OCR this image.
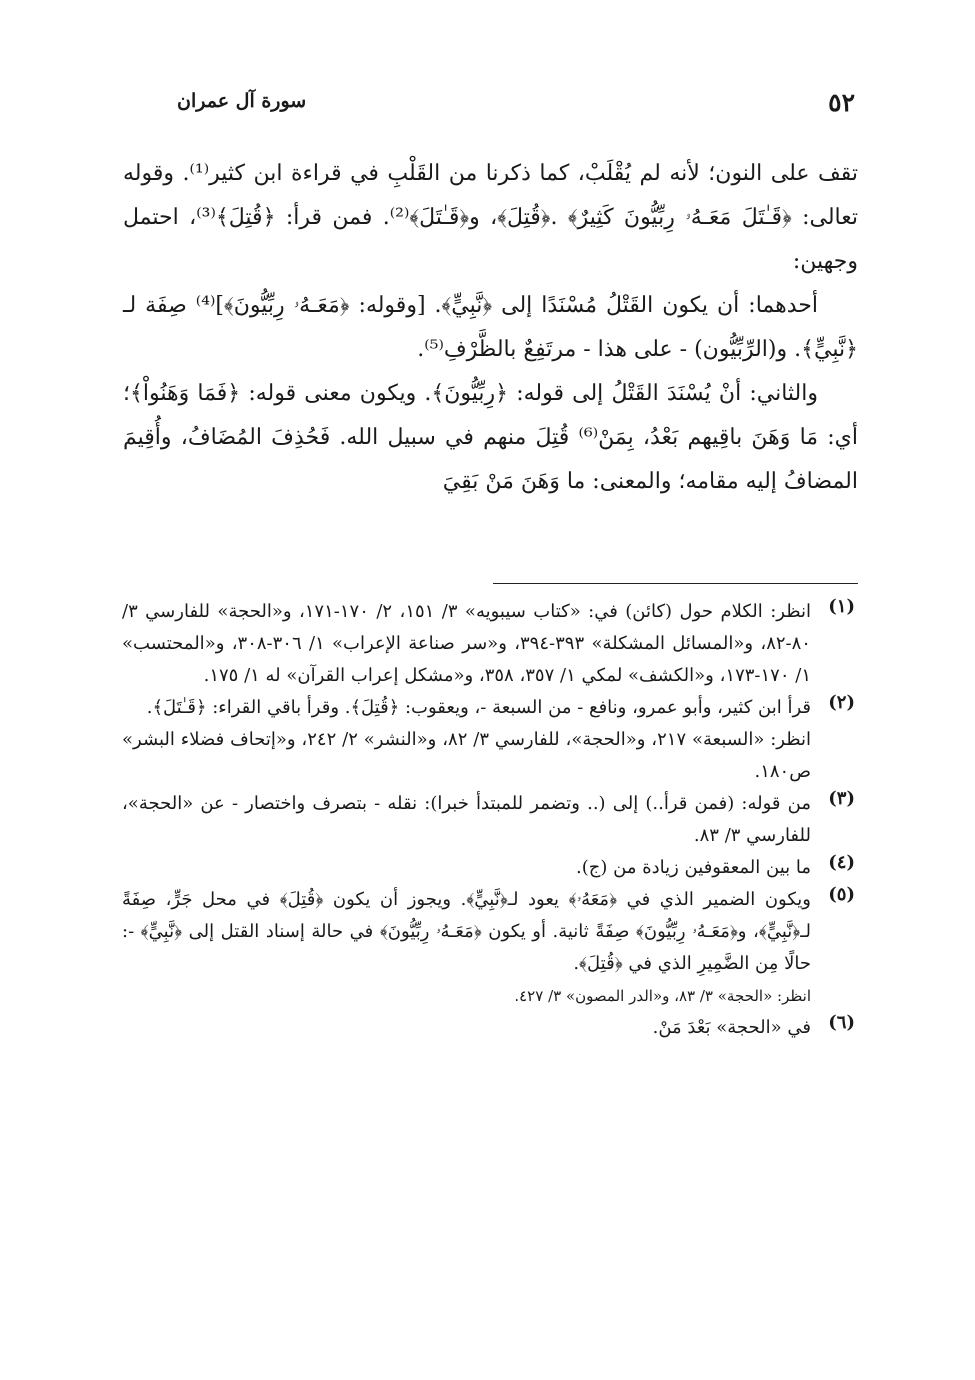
٥٢
سورة آل عمران

تقف على النون؛ لأنه لم يُقْلَبْ، كما ذكرنا من القَلْبِ في قراءة ابن كثير⁽¹⁾. وقوله تعالى: ﴿قَـٰتَلَ مَعَـهُۥ رِبِّيُّونَ كَثِيرٌ﴾ .﴿قُتِلَ﴾، و﴿قَـٰتَلَ﴾⁽²⁾. فمن قرأ: ﴿قُتِلَ﴾⁽³⁾، احتمل وجهين:

أحدهما: أن يكون القَتْلُ مُسْنَدًا إلى ﴿نَّبِيٍّ﴾. [وقوله: ﴿مَعَـهُۥ رِبِّيُّونَ﴾]⁽⁴⁾ صِفَة لـ ﴿نَّبِيٍّ﴾. و(الرِّبِّيُّون) - على هذا - مرتَفِعٌ بالظَّرْفِ⁽⁵⁾.

والثاني: أنْ يُسْنَدَ القَتْلُ إلى قوله: ﴿رِبِّيُّونَ﴾. ويكون معنى قوله: ﴿فَمَا وَهَنُواْ﴾؛ أي: مَا وَهَنَ باقِيهم بَعْدُ، بِمَنْ⁽⁶⁾ قُتِلَ منهم في سبيل الله. فَحُذِفَ المُضَافُ، وأُقِيمَ المضافُ إليه مقامه؛ والمعنى: ما وَهَنَ مَنْ بَقِيَ

(١)

انظر: الكلام حول (كائن) في: «كتاب سيبويه» ٣/ ١٥١، ٢/ ١٧٠-١٧١، و«الحجة» للفارسي ٣/ ٨٠-٨٢، و«المسائل المشكلة» ٣٩٣-٣٩٤، و«سر صناعة الإعراب» ١/ ٣٠٦-٣٠٨، و«المحتسب» ١/ ١٧٠-١٧٣، و«الكشف» لمكي ١/ ٣٥٧، ٣٥٨، و«مشكل إعراب القرآن» له ١/ ١٧٥.

(٢)

قرأ ابن كثير، وأبو عمرو، ونافع - من السبعة -، ويعقوب: ﴿قُتِلَ﴾. وقرأ باقي القراء: ﴿قَـٰتَلَ﴾.

انظر: «السبعة» ٢١٧، و«الحجة»، للفارسي ٣/ ٨٢، و«النشر» ٢/ ٢٤٢، و«إتحاف فضلاء البشر» ص١٨٠.

(٣)

من قوله: (فمن قرأ..) إلى (.. وتضمر للمبتدأ خبرا): نقله - بتصرف واختصار - عن «الحجة»، للفارسي ٣/ ٨٣.

(٤)

ما بين المعقوفين زيادة من (ج).

(٥)

ويكون الضمير الذي في ﴿مَعَهُۥ﴾ يعود لـ﴿نَّبِيٍّ﴾. ويجوز أن يكون ﴿قُتِلَ﴾ في محل جَرٍّ، صِفَةً لـ﴿نَّبِيٍّ﴾، و﴿مَعَـهُۥ رِبِّيُّونَ﴾ صِفَةً ثانية. أو يكون ﴿مَعَـهُۥ رِبِّيُّونَ﴾ في حالة إسناد القتل إلى ﴿نَّبِيٍّ﴾ -: حالًا مِن الضَّمِيرِ الذي في ﴿قُتِلَ﴾.

انظر: «الحجة» ٣/ ٨٣، و«الدر المصون» ٣/ ٤٢٧.

(٦)

في «الحجة» بَعْدَ مَنْ.
